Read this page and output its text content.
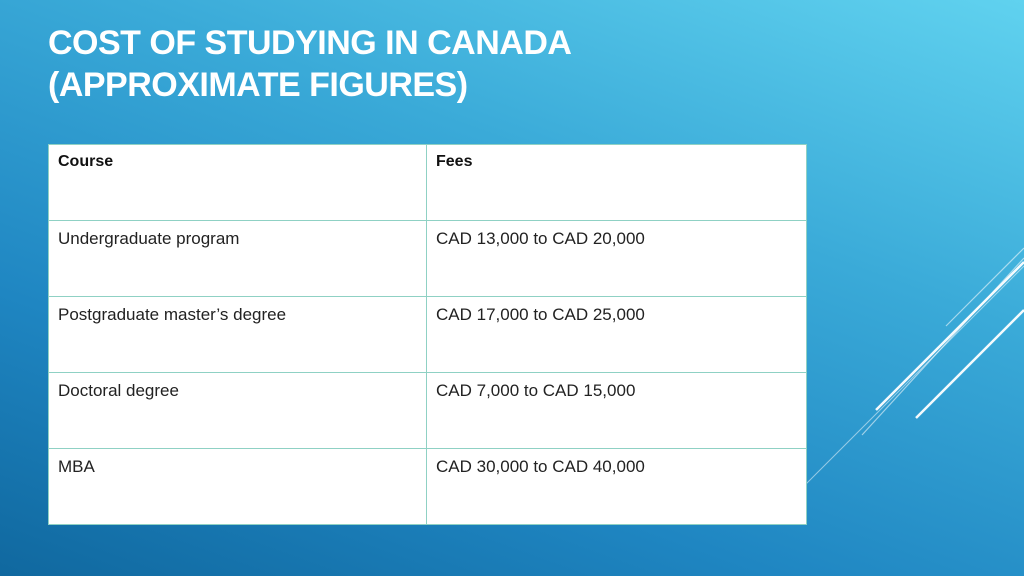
COST OF STUDYING IN CANADA
(APPROXIMATE FIGURES)
Course	Fees
Undergraduate program	CAD 13,000 to CAD 20,000
Postgraduate master’s degree	CAD 17,000 to CAD 25,000
Doctoral degree	CAD 7,000 to CAD 15,000
MBA	CAD 30,000 to CAD 40,000
